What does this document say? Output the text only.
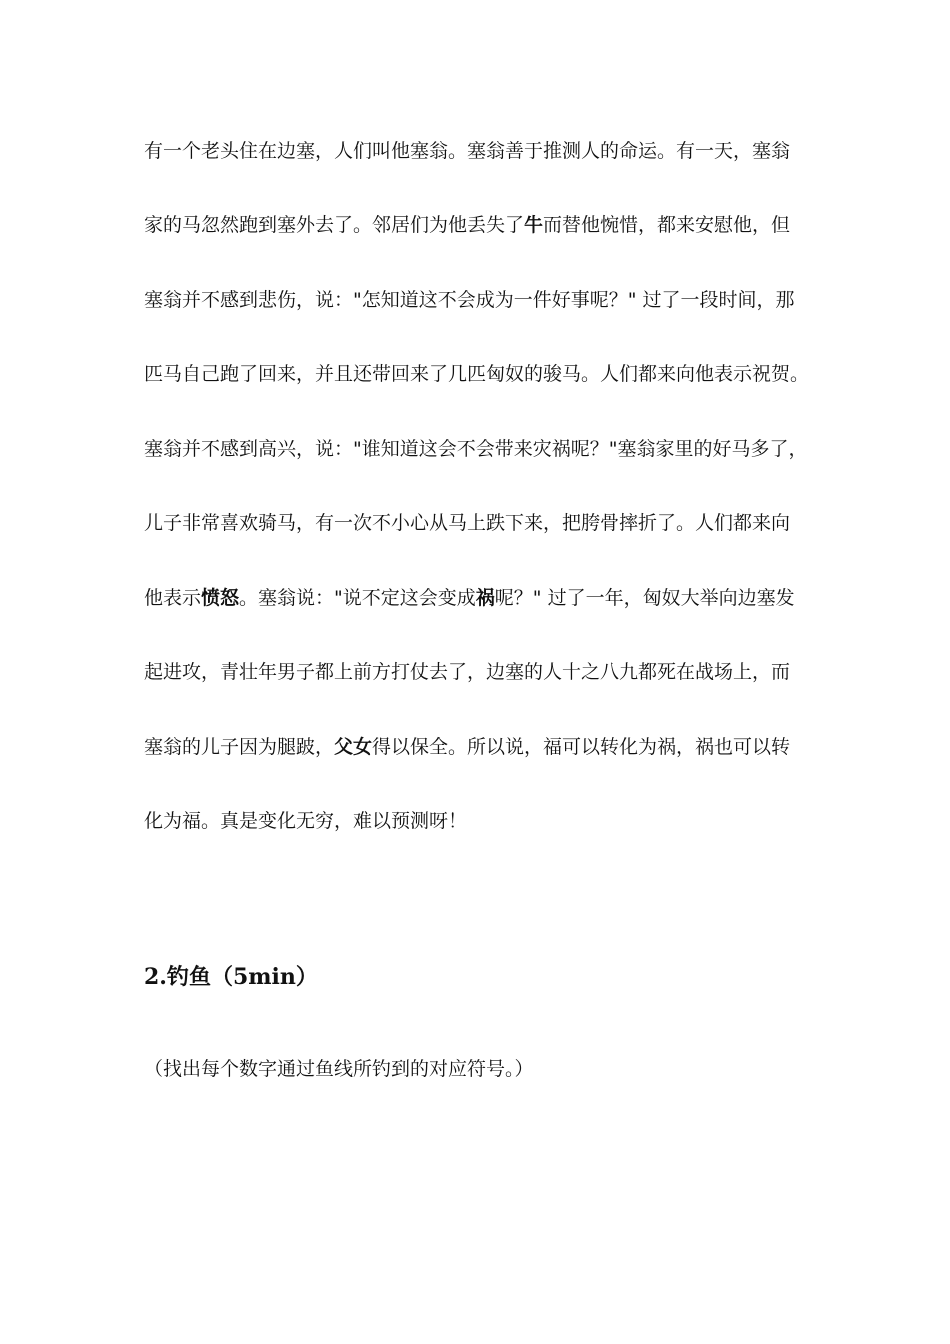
有一个老头住在边塞，人们叫他塞翁。塞翁善于推测人的命运。有一天，塞翁
家的马忽然跑到塞外去了。邻居们为他丢失了牛而替他惋惜，都来安慰他，但
塞翁并不感到悲伤，说："怎知道这不会成为一件好事呢？" 过了一段时间，那
匹马自己跑了回来，并且还带回来了几匹匈奴的骏马。人们都来向他表示祝贺。
塞翁并不感到高兴，说："谁知道这会不会带来灾祸呢？"塞翁家里的好马多了，
儿子非常喜欢骑马，有一次不小心从马上跌下来，把胯骨摔折了。人们都来向
他表示愤怒。塞翁说："说不定这会变成祸呢？" 过了一年，匈奴大举向边塞发
起进攻，青壮年男子都上前方打仗去了，边塞的人十之八九都死在战场上，而
塞翁的儿子因为腿跛，父女得以保全。所以说，福可以转化为祸，祸也可以转
化为福。真是变化无穷，难以预测呀！
2.钓鱼（5min）
（找出每个数字通过鱼线所钓到的对应符号。）
